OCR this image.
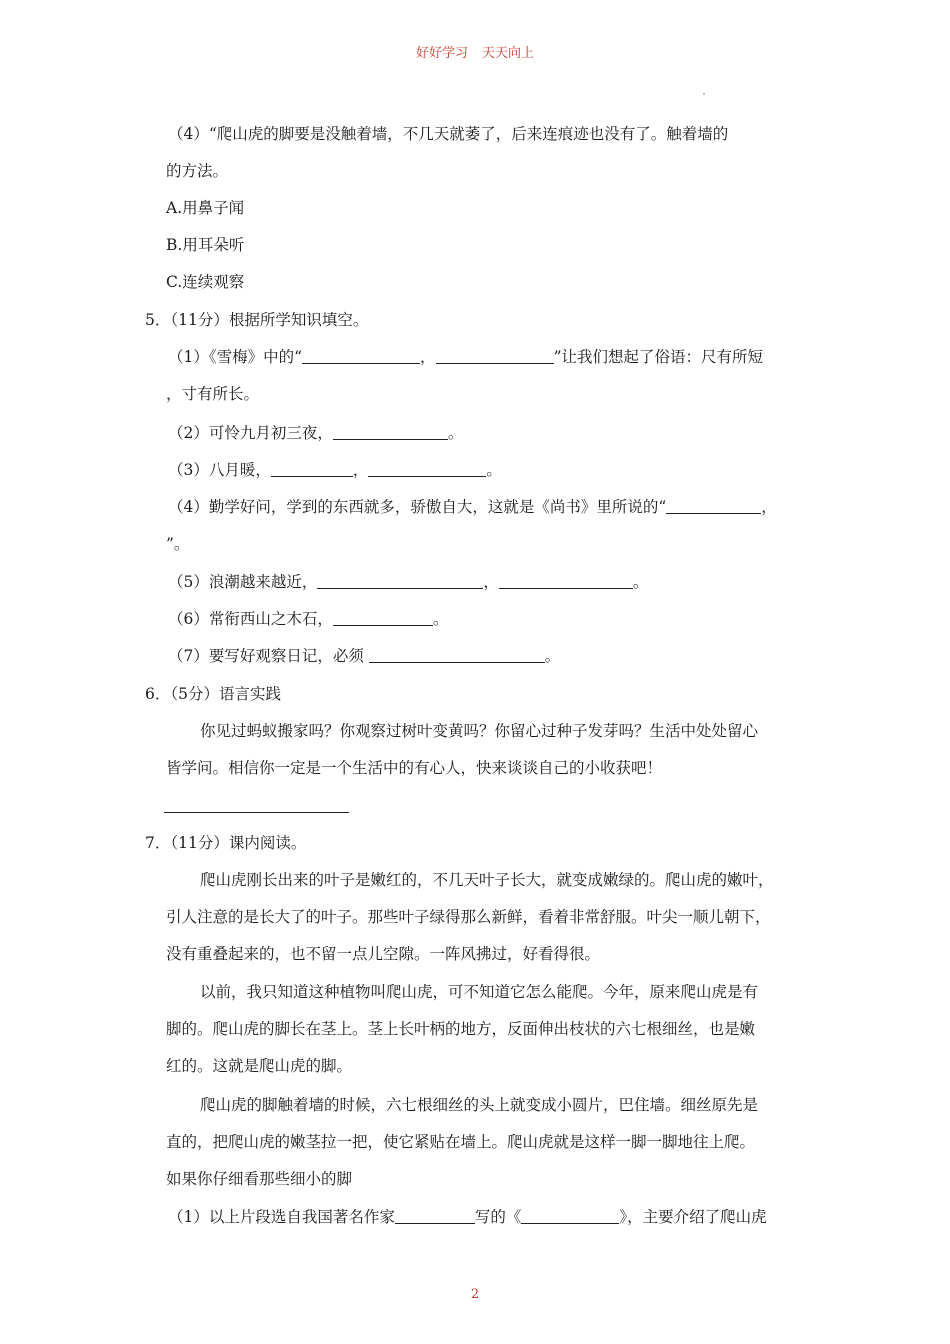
好好学习 天天向上
（4）“爬山虎的脚要是没触着墙，不几天就萎了，后来连痕迹也没有了。触着墙的
的方法。
A.用鼻子闻
B.用耳朵听
C.连续观察
5．（11分）根据所学知识填空。
（1）《雪梅》中的“	，	”让我们想起了俗语：尺有所短
，寸有所长。
（2）可怜九月初三夜，	。
（3）八月暖，	，	。
（4）勤学好问，学到的东西就多，骄傲自大，这就是《尚书》里所说的“	，
”。
（5）浪潮越来越近，	，	。
（6）常衔西山之木石，	。
（7）要写好观察日记，必须	。
6．（5分）语言实践
你见过蚂蚁搬家吗？你观察过树叶变黄吗？你留心过种子发芽吗？生活中处处留心
皆学问。相信你一定是一个生活中的有心人，快来谈谈自己的小收获吧！
7．（11分）课内阅读。
爬山虎刚长出来的叶子是嫩红的，不几天叶子长大，就变成嫩绿的。爬山虎的嫩叶，
引人注意的是长大了的叶子。那些叶子绿得那么新鲜，看着非常舒服。叶尖一顺儿朝下，
没有重叠起来的，也不留一点儿空隙。一阵风拂过，好看得很。
以前，我只知道这种植物叫爬山虎，可不知道它怎么能爬。今年，原来爬山虎是有
脚的。爬山虎的脚长在茎上。茎上长叶柄的地方，反面伸出枝状的六七根细丝，也是嫩
红的。这就是爬山虎的脚。
爬山虎的脚触着墙的时候，六七根细丝的头上就变成小圆片，巴住墙。细丝原先是
直的，把爬山虎的嫩茎拉一把，使它紧贴在墙上。爬山虎就是这样一脚一脚地往上爬。
如果你仔细看那些细小的脚
（1）以上片段选自我国著名作家	写的《	》，主要介绍了爬山虎
2
